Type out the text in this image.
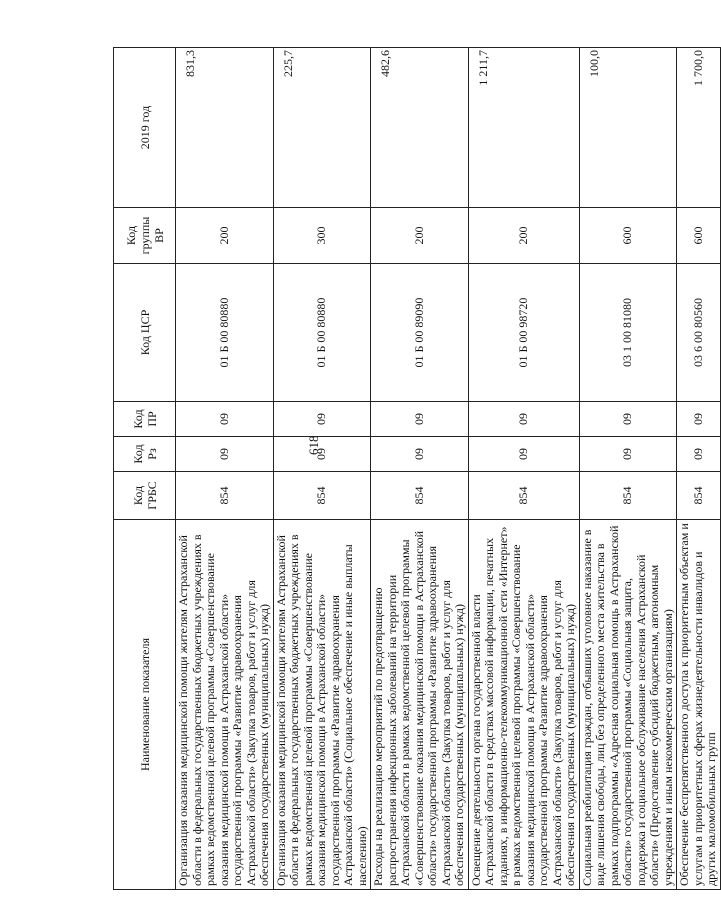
618
Наименование показателя	Код ГРБС	Код Рз	Код ПР	Код ЦСР	Код группы ВР	2019 год
Организация оказания медицинской помощи жителям Астраханской области в федеральных государственных бюджетных учреждениях в рамках ведомственной целевой программы «Совершенствование оказания медицинской помощи в Астраханской области» государственной программы «Развитие здравоохранения Астраханской области» (Закупка товаров, работ и услуг для обеспечения государственных (муниципальных) нужд)	854	09	09	01 Б 00 80880	200	831,3
Организация оказания медицинской помощи жителям Астраханской области в федеральных государственных бюджетных учреждениях в рамках ведомственной целевой программы «Совершенствование оказания медицинской помощи в Астраханской области» государственной программы «Развитие здравоохранения Астраханской области» (Социальное обеспечение и иные выплаты населению)	854	09	09	01 Б 00 80880	300	225,7
Расходы на реализацию мероприятий по предотвращению распространения инфекционных заболеваний на территории Астраханской области в рамках ведомственной целевой программы «Совершенствование оказания медицинской помощи в Астраханской области» государственной программы «Развитие здравоохранения Астраханской области» (Закупка товаров, работ и услуг для обеспечения государственных (муниципальных) нужд)	854	09	09	01 Б 00 89090	200	482,6
Освещение деятельности органа государственной власти Астраханской области в средствах массовой информации, печатных изданиях, в информационно-телекоммуникационной сети «Интернет» в рамках ведомственной целевой программы «Совершенствование оказания медицинской помощи в Астраханской области» государственной программы «Развитие здравоохранения Астраханской области» (Закупка товаров, работ и услуг для обеспечения государственных (муниципальных) нужд)	854	09	09	01 Б 00 98720	200	1 211,7
Социальная реабилитация граждан, отбывших уголовное наказание в виде лишения свободы, лиц без определенного места жительства в рамках подпрограммы «Адресная социальная помощь в Астраханской области» государственной программы «Социальная защита, поддержка и социальное обслуживание населения Астраханской области» (Предоставление субсидий бюджетным, автономным учреждениям и иным некоммерческим организациям)	854	09	09	03 1 00 81080	600	100,0
Обеспечение беспрепятственного доступа к приоритетным объектам и услугам в приоритетных сферах жизнедеятельности инвалидов и других маломобильных групп	854	09	09	03 6 00 80560	600	1 700,0
